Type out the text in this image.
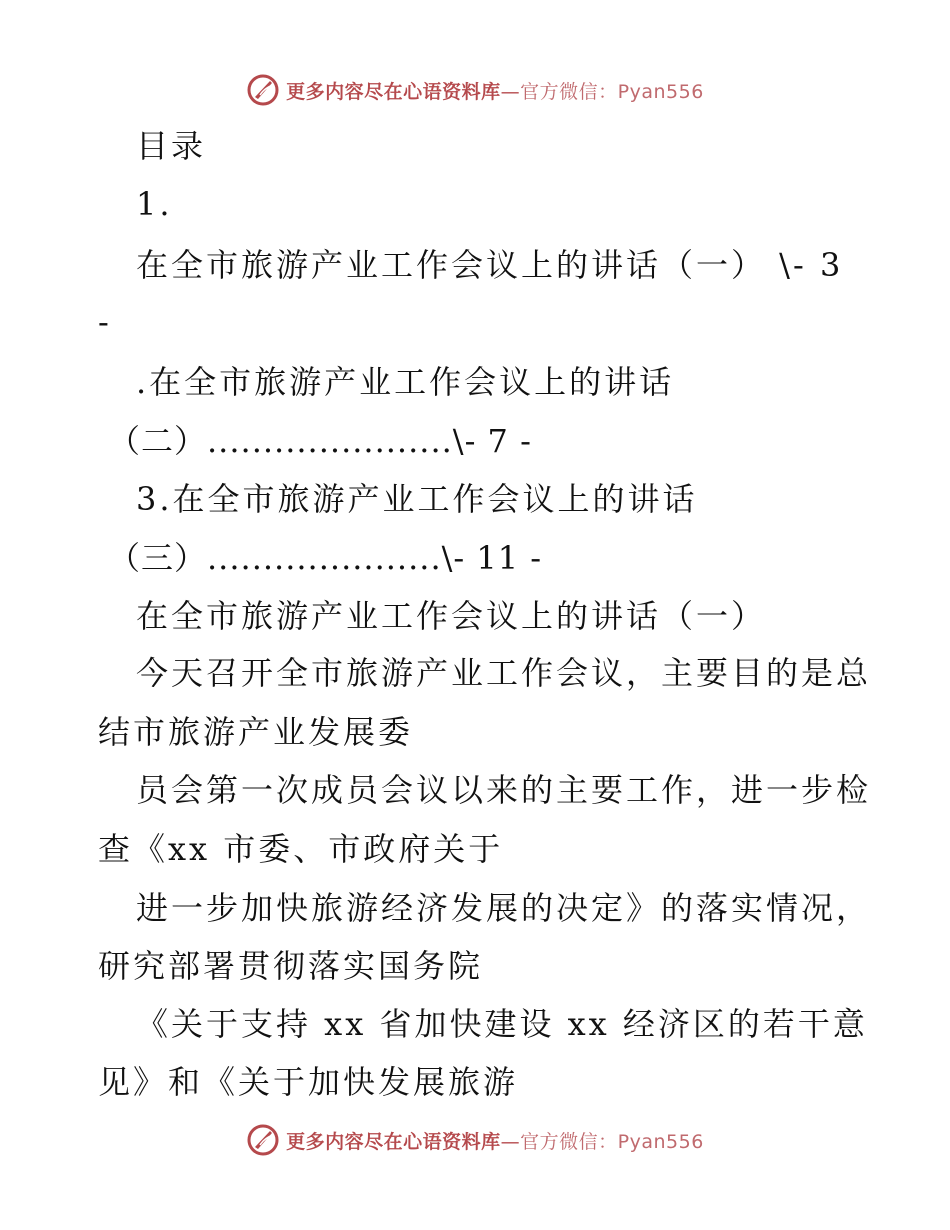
更多内容尽在心语资料库—官方微信：Pyan556
目录
1.
在全市旅游产业工作会议上的讲话（一） \- 3
-
.在全市旅游产业工作会议上的讲话
（二）......................\- 7 -
3.在全市旅游产业工作会议上的讲话
（三）.....................\- 11 -
在全市旅游产业工作会议上的讲话（一）
今天召开全市旅游产业工作会议，主要目的是总
结市旅游产业发展委
员会第一次成员会议以来的主要工作，进一步检
查《xx 市委、市政府关于
进一步加快旅游经济发展的决定》的落实情况，
研究部署贯彻落实国务院
《关于支持 xx 省加快建设 xx 经济区的若干意
见》和《关于加快发展旅游
更多内容尽在心语资料库—官方微信：Pyan556
